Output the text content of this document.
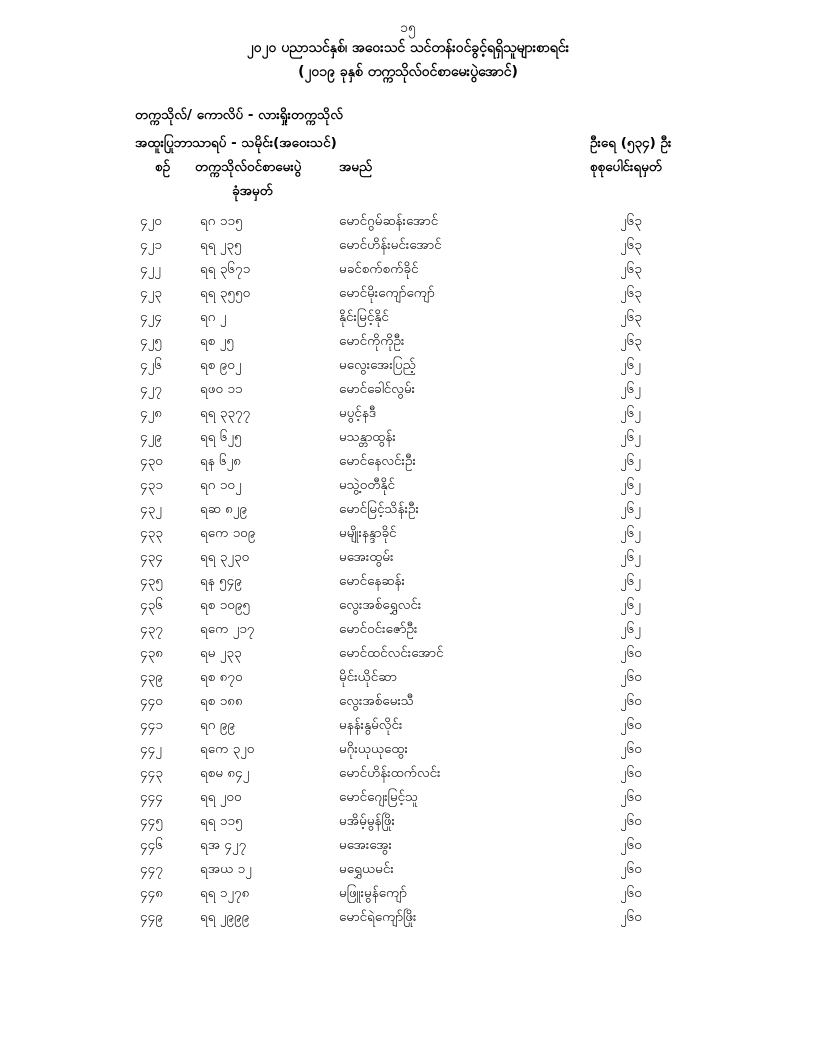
၁၅
၂၀၂၀ ပညာသင်နှစ်၊ အဝေးသင် သင်တန်းဝင်ခွင့်ရရှိသူများစာရင်း
(၂၀၁၉ ခုနှစ် တက္ကသိုလ်ဝင်စာမေးပွဲအောင်)
တက္ကသိုလ်/ ကောလိပ် - လားရှိုးတက္ကသိုလ်
အထူးပြုဘာသာရပ် - သမိုင်း(အဝေးသင်)	ဦးရေ (၅၃၄) ဦး
စဉ် တက္ကသိုလ်ဝင်စာမေးပွဲ
ခုံအမှတ်
အမည်	စုစုပေါင်းရမှတ်
၄၂၀	ရဂ ၁၁၅	မောင်ဂွမ်ဆန်းအောင်	၂၆၃
၄၂၁	ရရ ၂၃၅	မောင်ဟိန်းမင်းအောင်	၂၆၃
၄၂၂	ရရ ၃၆၇၁	မခင်စက်စက်ခိုင်	၂၆၃
၄၂၃	ရရ ၃၅၅၀	မောင်မိုးကျော်ကျော်	၂၆၃
၄၂၄	ရဂ ၂	နိုင်းမြင့်နိုင်	၂၆၃
၄၂၅	ရစ ၂၅	မောင်ကိုကိုဦး	၂၆၃
၄၂၆	ရစ ၉၀၂	မလွေးအေးပြည့်	၂၆၂
၄၂၇	ရဖဝ ၁၁	မောင်ခေါင်လွမ်း	၂၆၂
၄၂၈	ရရ ၃၃၇၇	မပွင့်နဒီ	၂၆၂
၄၂၉	ရရ ၆၂၅	မသန္တာထွန်း	၂၆၂
၄၃၀	ရန ၆၂၈	မောင်နေလင်းဦး	၂၆၂
၄၃၁	ရဂ ၁၀၂	မသွဲ့ဝတီနိုင်	၂၆၂
၄၃၂	ရဆ ၈၂၉	မောင်မြင့်သိန်းဦး	၂၆၂
၄၃၃	ရကေ ၁၀၉	မမျိုးနန္ဒာခိုင်	၂၆၂
၄၃၄	ရရ ၃၂၃၀	မအေးထွမ်း	၂၆၂
၄၃၅	ရန ၅၄၉	မောင်နေဆန်း	၂၆၂
၄၃၆	ရစ ၁၀၉၅	လွေးအစ်ရွှေလင်း	၂၆၂
၄၃၇	ရကေ ၂၁၇	မောင်ဝင်းဇော်ဦး	၂၆၂
၄၃၈	ရမ ၂၃၃	မောင်ထင်လင်းအောင်	၂၆၀
၄၃၉	ရစ ၈၇၀	မိုင်းယိုင်ဆာ	၂၆၀
၄၄၀	ရစ ၁၈၈	လွေးအစ်မေးသီ	၂၆၀
၄၄၁	ရဂ ၉၉	မနန်းနွမ်လိုင်း	၂၆၀
၄၄၂	ရကေ ၃၂၀	မဂိုးယုယုထွေး	၂၆၀
၄၄၃	ရစမ ၈၄၂	မောင်ဟိန်းထက်လင်း	၂၆၀
၄၄၄	ရရ ၂၀၀	မောင်ဂျေးမြင့်သူ	၂၆၀
၄၄၅	ရရ ၁၁၅	မအိမ့်မွန်ဖြိုး	၂၆၀
၄၄၆	ရအ ၄၂၇	မအေးအွေး	၂၆၀
၄၄၇	ရအယ ၁၂	မရွှေယမင်း	၂၆၀
၄၄၈	ရရ ၁၂၇၈	မဖြူးမွန်ကျော်	၂၆၀
၄၄၉	ရရ ၂၉၉၉	မောင်ရဲကျော်ဖြိုး	၂၆၀
